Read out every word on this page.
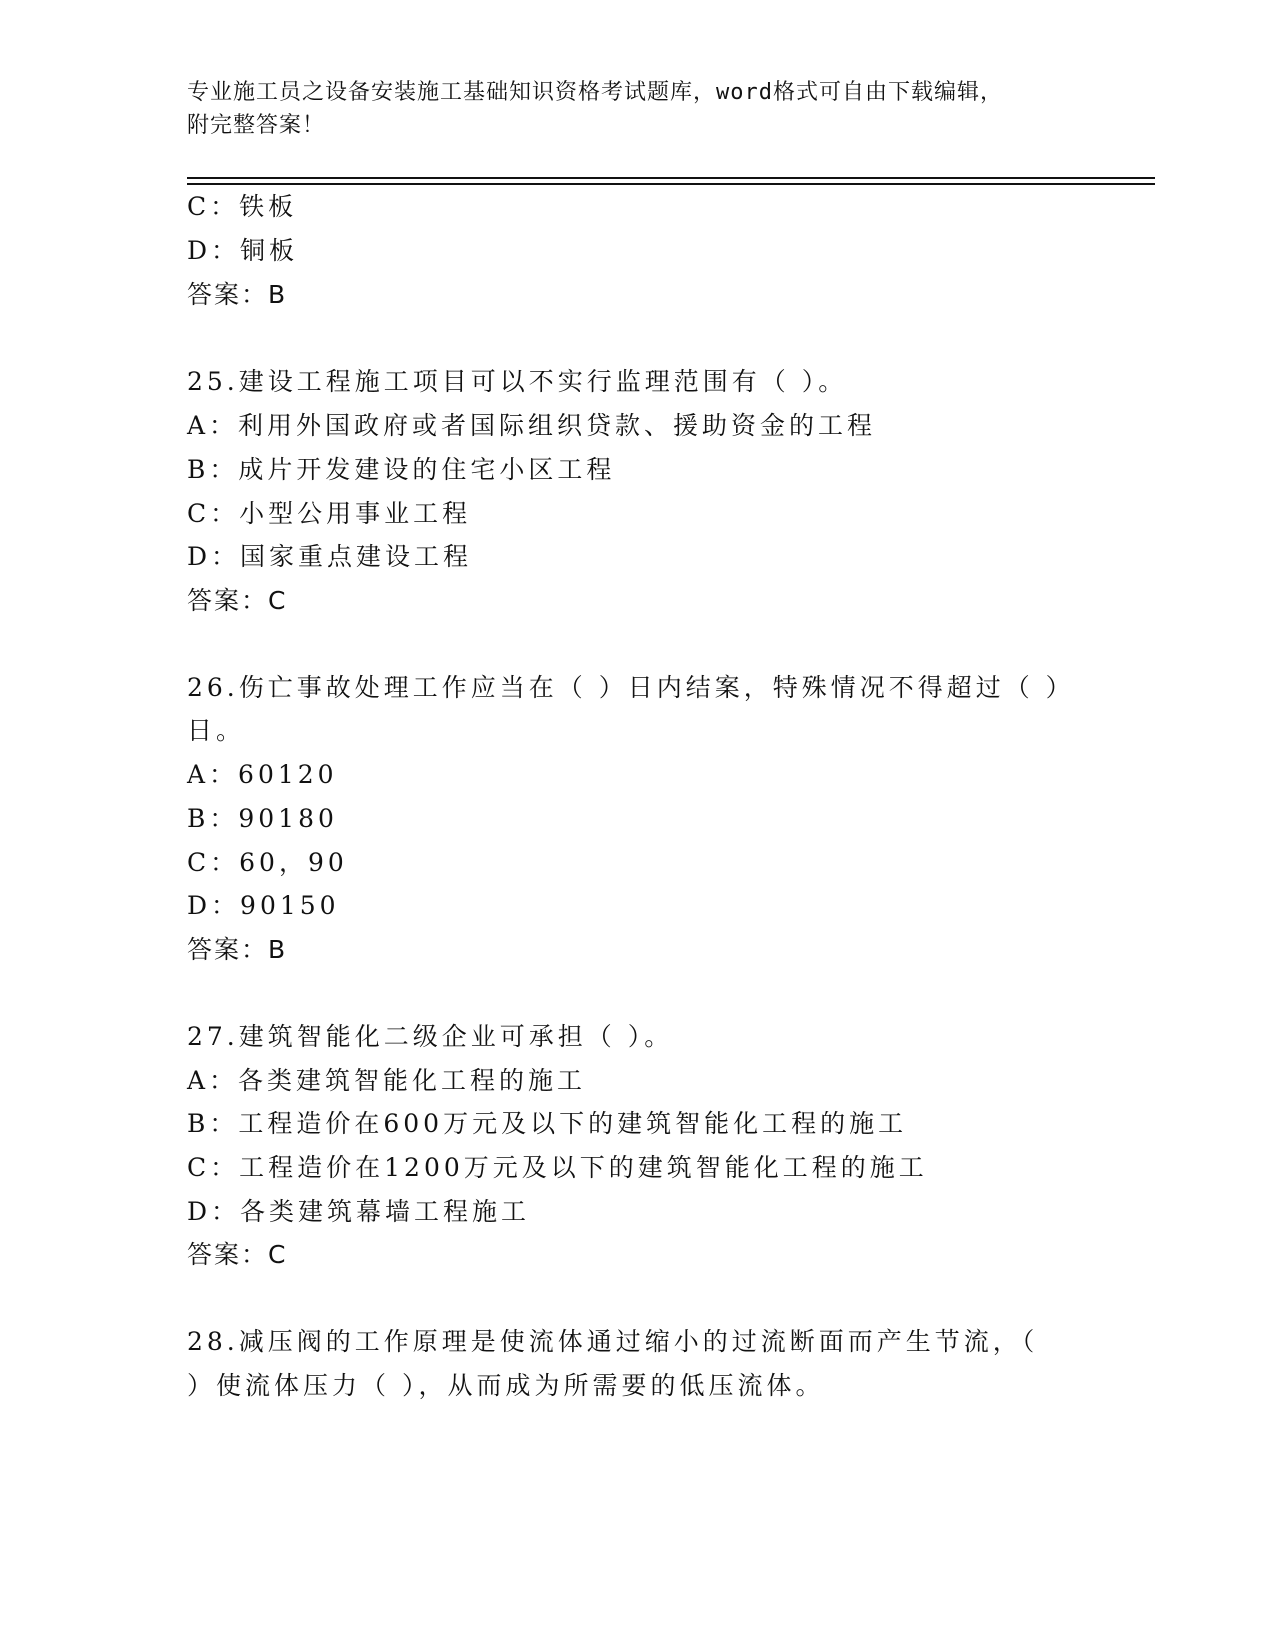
专业施工员之设备安装施工基础知识资格考试题库，word格式可自由下载编辑，
附完整答案！
C：铁板
D：铜板
答案：B
25.建设工程施工项目可以不实行监理范围有（ ）。
A：利用外国政府或者国际组织贷款、援助资金的工程
B：成片开发建设的住宅小区工程
C：小型公用事业工程
D：国家重点建设工程
答案：C
26.伤亡事故处理工作应当在（ ）日内结案，特殊情况不得超过（ ）
日。
A：60120
B：90180
C：60，90
D：90150
答案：B
27.建筑智能化二级企业可承担（ ）。
A：各类建筑智能化工程的施工
B：工程造价在600万元及以下的建筑智能化工程的施工
C：工程造价在1200万元及以下的建筑智能化工程的施工
D：各类建筑幕墙工程施工
答案：C
28.减压阀的工作原理是使流体通过缩小的过流断面而产生节流，（
）使流体压力（ ），从而成为所需要的低压流体。
